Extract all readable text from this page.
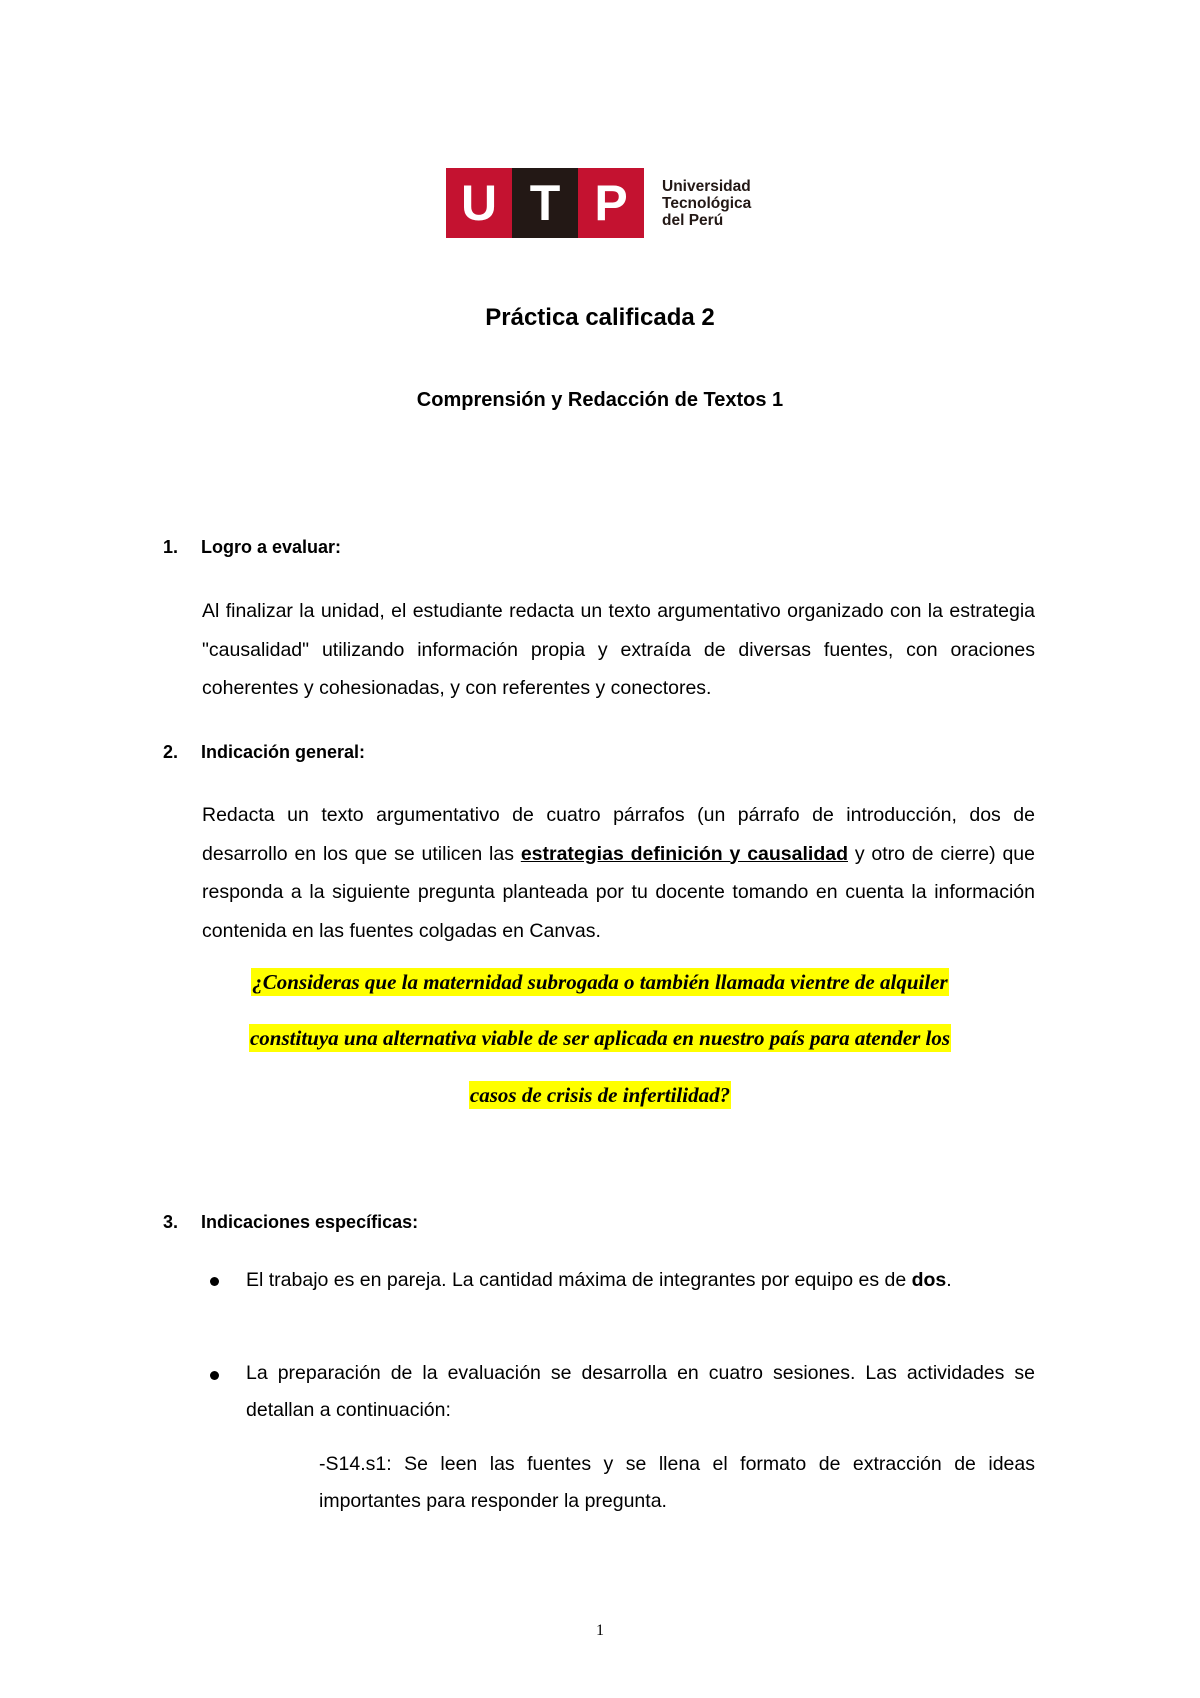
U T P	Universidad
Tecnológica
del Perú
Práctica calificada 2
Comprensión y Redacción de Textos 1
1. Logro a evaluar:
Al finalizar la unidad, el estudiante redacta un texto argumentativo organizado con la estrategia "causalidad" utilizando información propia y extraída de diversas fuentes, con oraciones coherentes y cohesionadas, y con referentes y conectores.
2. Indicación general:
Redacta un texto argumentativo de cuatro párrafos (un párrafo de introducción, dos de desarrollo en los que se utilicen las estrategias definición y causalidad y otro de cierre) que responda a la siguiente pregunta planteada por tu docente tomando en cuenta la información contenida en las fuentes colgadas en Canvas.
¿Consideras que la maternidad subrogada o también llamada vientre de alquiler
constituya una alternativa viable de ser aplicada en nuestro país para atender los
casos de crisis de infertilidad?
3. Indicaciones específicas:
El trabajo es en pareja. La cantidad máxima de integrantes por equipo es de dos.
La preparación de la evaluación se desarrolla en cuatro sesiones. Las actividades se detallan a continuación:
-S14.s1: Se leen las fuentes y se llena el formato de extracción de ideas importantes para responder la pregunta.
1
